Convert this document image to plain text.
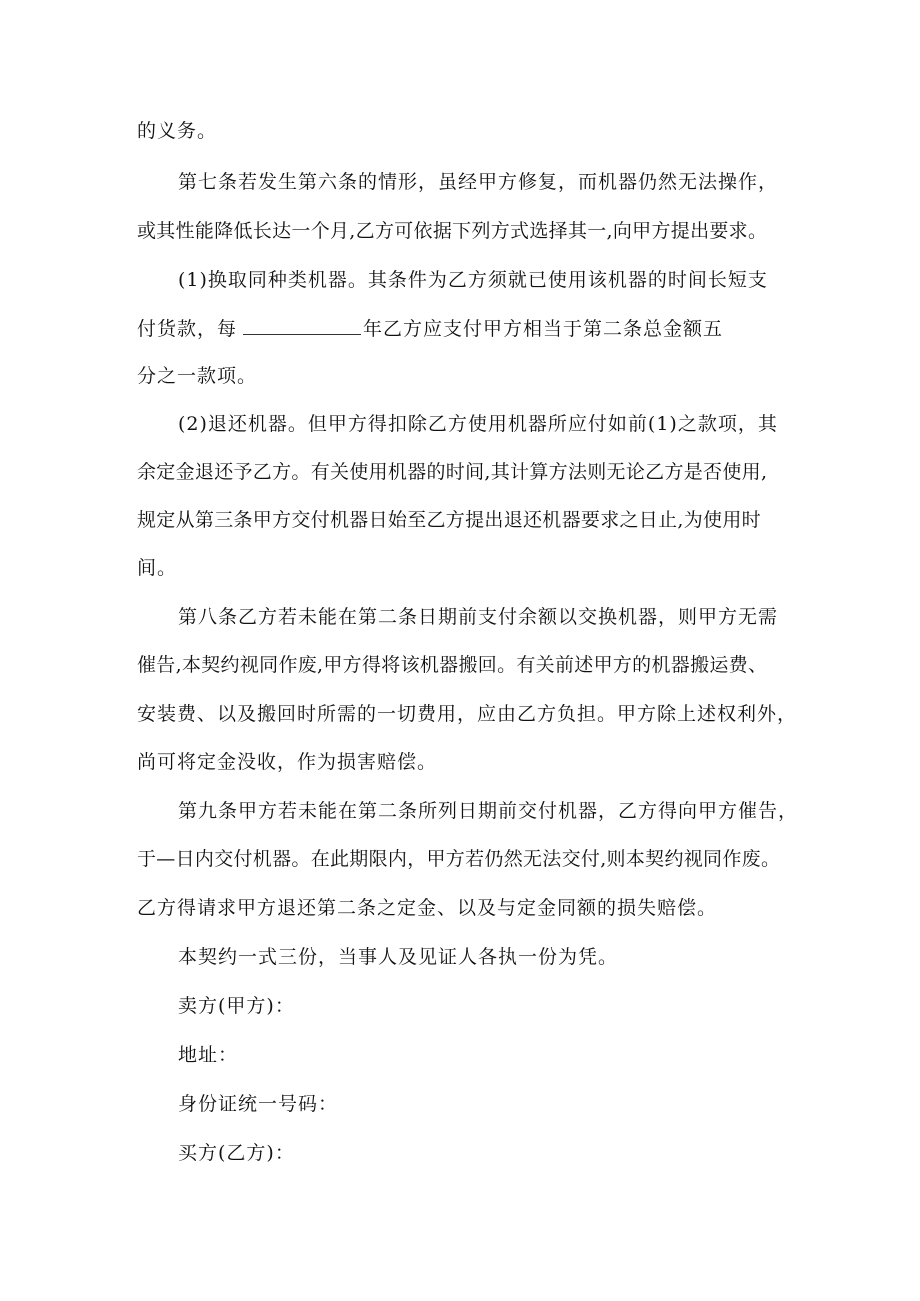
的义务。
第七条若发生第六条的情形，虽经甲方修复，而机器仍然无法操作，
或其性能降低长达一个月,乙方可依据下列方式选择其一,向甲方提出要求。
(1)换取同种类机器。其条件为乙方须就已使用该机器的时间长短支
付货款，每	年乙方应支付甲方相当于第二条总金额五
分之一款项。
(2)退还机器。但甲方得扣除乙方使用机器所应付如前(1)之款项，其
余定金退还予乙方。有关使用机器的时间,其计算方法则无论乙方是否使用,
规定从第三条甲方交付机器日始至乙方提出退还机器要求之日止,为使用时
间。
第八条乙方若未能在第二条日期前支付余额以交换机器，则甲方无需
催告,本契约视同作废,甲方得将该机器搬回。有关前述甲方的机器搬运费、
安装费、以及搬回时所需的一切费用，应由乙方负担。甲方除上述权利外，
尚可将定金没收，作为损害赔偿。
第九条甲方若未能在第二条所列日期前交付机器，乙方得向甲方催告，
于—日内交付机器。在此期限内，甲方若仍然无法交付,则本契约视同作废。
乙方得请求甲方退还第二条之定金、以及与定金同额的损失赔偿。
本契约一式三份，当事人及见证人各执一份为凭。
卖方(甲方)：
地址：
身份证统一号码：
买方(乙方)：
